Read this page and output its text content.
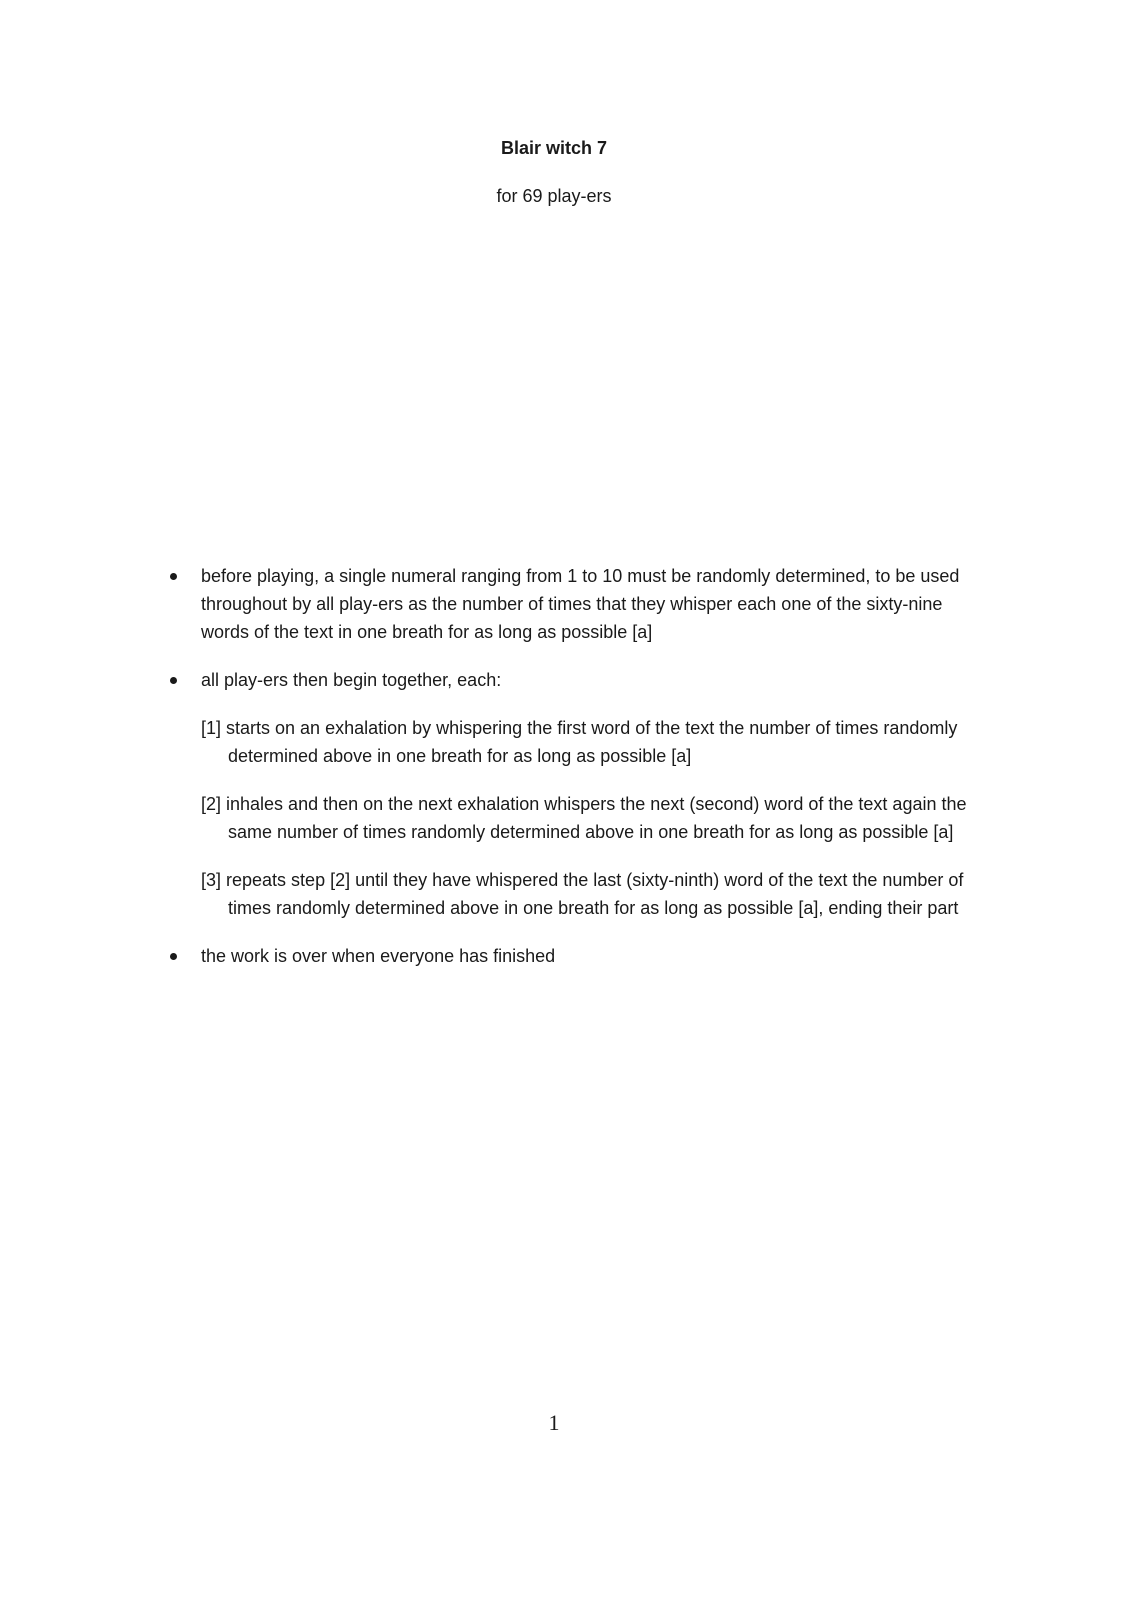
Blair witch 7

for 69 play-ers

before playing, a single numeral ranging from 1 to 10 must be randomly determined, to be used throughout by all play-ers as the number of times that they whisper each one of the sixty-nine words of the text in one breath for as long as possible [a]
all play-ers then begin together, each:
[1] starts on an exhalation by whispering the first word of the text the number of times randomly determined above in one breath for as long as possible [a]
[2] inhales and then on the next exhalation whispers the next (second) word of the text again the same number of times randomly determined above in one breath for as long as possible [a]
[3] repeats step [2] until they have whispered the last (sixty-ninth) word of the text the number of times randomly determined above in one breath for as long as possible [a], ending their part
the work is over when everyone has finished

1
